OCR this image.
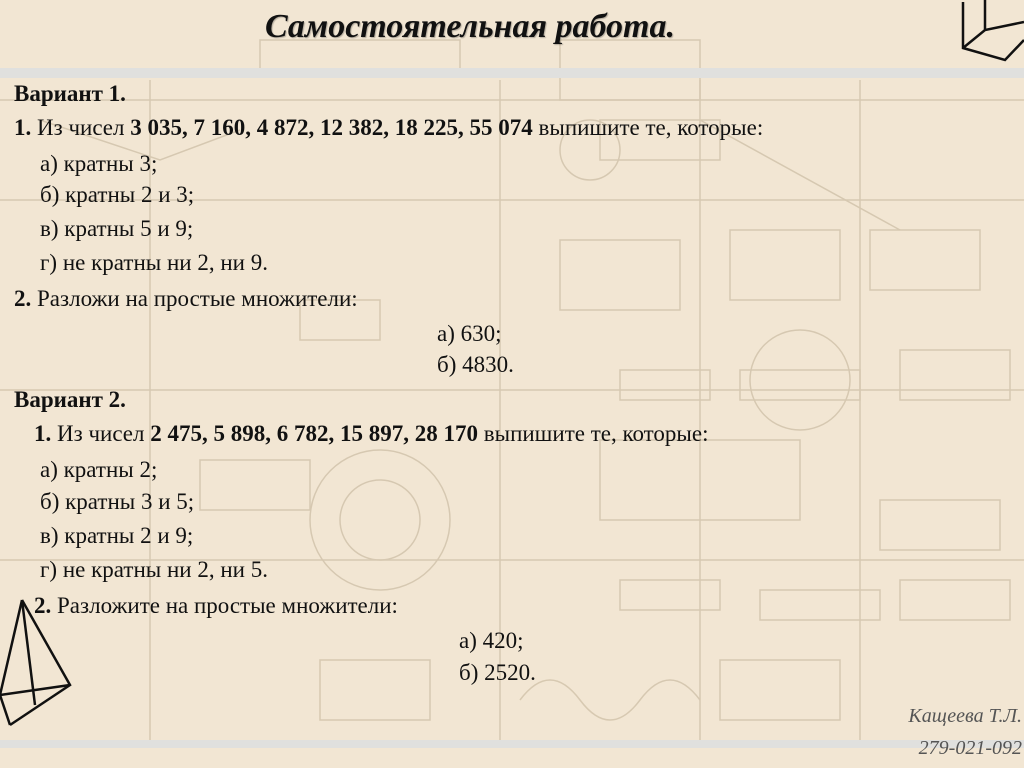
Самостоятельная работа.
Вариант 1.
1. Из чисел 3 035, 7 160, 4 872, 12 382, 18 225, 55 074 выпишите те, которые:
а) кратны 3;
б) кратны 2 и 3;
в) кратны 5 и 9;
г) не кратны ни 2, ни 9.
2. Разложи на простые множители:
а) 630;
б) 4830.
Вариант 2.
1. Из чисел 2 475, 5 898, 6 782, 15 897, 28 170 выпишите те, которые:
а) кратны 2;
б) кратны 3 и 5;
в) кратны 2 и 9;
г) не кратны ни 2, ни 5.
2. Разложите на простые множители:
а) 420;
б) 2520.
Кащеева Т.Л.
279-021-092
